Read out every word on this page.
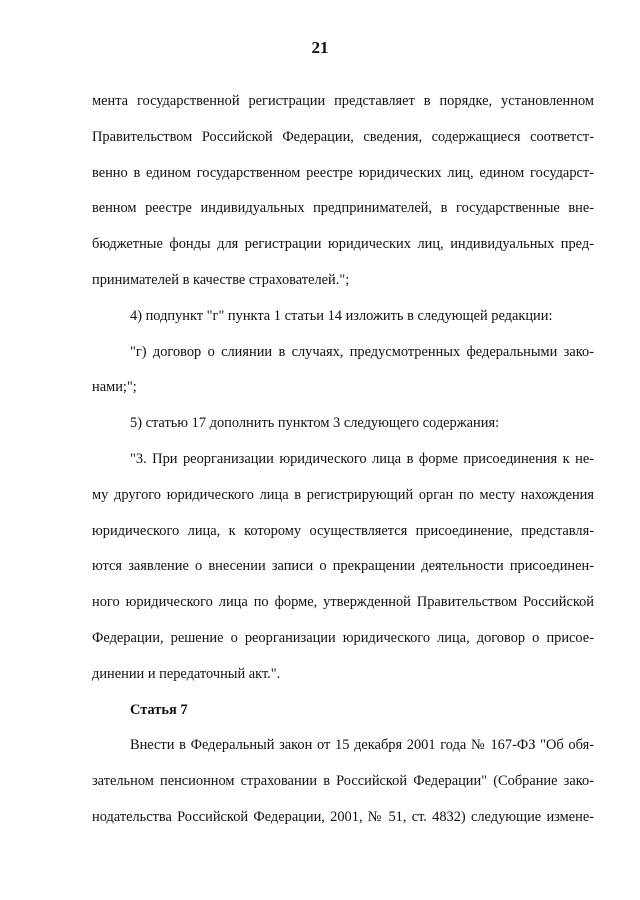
21
мента государственной регистрации представляет в порядке, установленном
Правительством Российской Федерации, сведения, содержащиеся соответст-
венно в едином государственном реестре юридических лиц, едином государст-
венном реестре индивидуальных предпринимателей, в государственные вне-
бюджетные фонды для регистрации юридических лиц, индивидуальных пред-
принимателей в качестве страхователей.";
4) подпункт "г" пункта 1 статьи 14 изложить в следующей редакции:
"г) договор о слиянии в случаях, предусмотренных федеральными зако-
нами;";
5) статью 17 дополнить пунктом 3 следующего содержания:
"3. При реорганизации юридического лица в форме присоединения к не-
му другого юридического лица в регистрирующий орган по месту нахождения
юридического лица, к которому осуществляется присоединение, представля-
ются заявление о внесении записи о прекращении деятельности присоединен-
ного юридического лица по форме, утвержденной Правительством Российской
Федерации, решение о реорганизации юридического лица, договор о присое-
динении и передаточный акт.".
Статья 7
Внести в Федеральный закон от 15 декабря 2001 года № 167-ФЗ "Об обя-
зательном пенсионном страховании в Российской Федерации" (Собрание зако-
нодательства Российской Федерации, 2001, № 51, ст. 4832) следующие измене-
